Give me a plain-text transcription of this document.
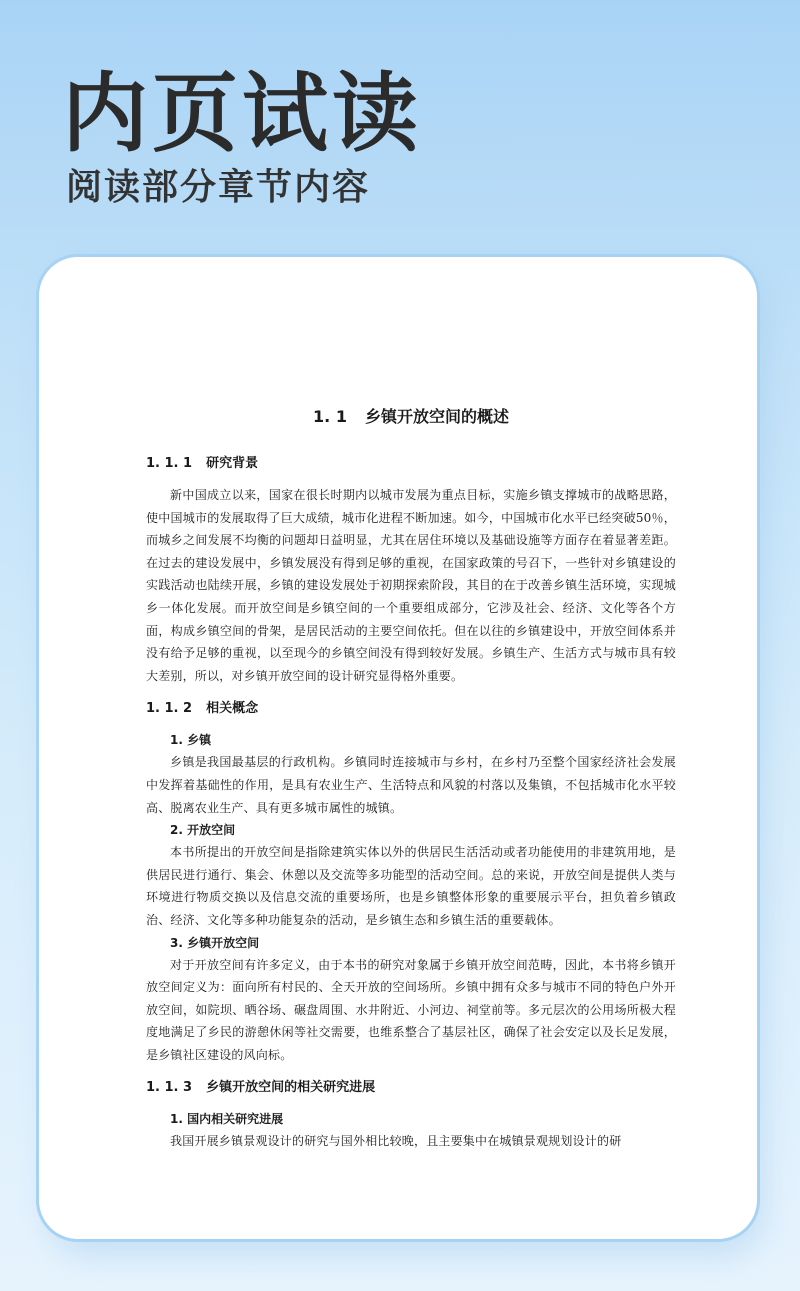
内页试读
阅读部分章节内容
1. 1 乡镇开放空间的概述
1. 1. 1 研究背景

新中国成立以来，国家在很长时期内以城市发展为重点目标，实施乡镇支撑城市的战略思路，使中国城市的发展取得了巨大成绩，城市化进程不断加速。如今，中国城市化水平已经突破50％，而城乡之间发展不均衡的问题却日益明显，尤其在居住环境以及基础设施等方面存在着显著差距。在过去的建设发展中，乡镇发展没有得到足够的重视，在国家政策的号召下，一些针对乡镇建设的实践活动也陆续开展，乡镇的建设发展处于初期探索阶段，其目的在于改善乡镇生活环境，实现城乡一体化发展。而开放空间是乡镇空间的一个重要组成部分，它涉及社会、经济、文化等各个方面，构成乡镇空间的骨架，是居民活动的主要空间依托。但在以往的乡镇建设中，开放空间体系并没有给予足够的重视，以至现今的乡镇空间没有得到较好发展。乡镇生产、生活方式与城市具有较大差别，所以，对乡镇开放空间的设计研究显得格外重要。

1. 1. 2 相关概念
1. 乡镇

乡镇是我国最基层的行政机构。乡镇同时连接城市与乡村，在乡村乃至整个国家经济社会发展中发挥着基础性的作用，是具有农业生产、生活特点和风貌的村落以及集镇，不包括城市化水平较高、脱离农业生产、具有更多城市属性的城镇。

2. 开放空间

本书所提出的开放空间是指除建筑实体以外的供居民生活活动或者功能使用的非建筑用地，是供居民进行通行、集会、休憩以及交流等多功能型的活动空间。总的来说，开放空间是提供人类与环境进行物质交换以及信息交流的重要场所，也是乡镇整体形象的重要展示平台，担负着乡镇政治、经济、文化等多种功能复杂的活动，是乡镇生态和乡镇生活的重要载体。

3. 乡镇开放空间

对于开放空间有许多定义，由于本书的研究对象属于乡镇开放空间范畴，因此，本书将乡镇开放空间定义为：面向所有村民的、全天开放的空间场所。乡镇中拥有众多与城市不同的特色户外开放空间，如院坝、晒谷场、碾盘周围、水井附近、小河边、祠堂前等。多元层次的公用场所极大程度地满足了乡民的游憩休闲等社交需要，也维系整合了基层社区，确保了社会安定以及长足发展，是乡镇社区建设的风向标。

1. 1. 3 乡镇开放空间的相关研究进展
1. 国内相关研究进展

我国开展乡镇景观设计的研究与国外相比较晚，且主要集中在城镇景观规划设计的研
